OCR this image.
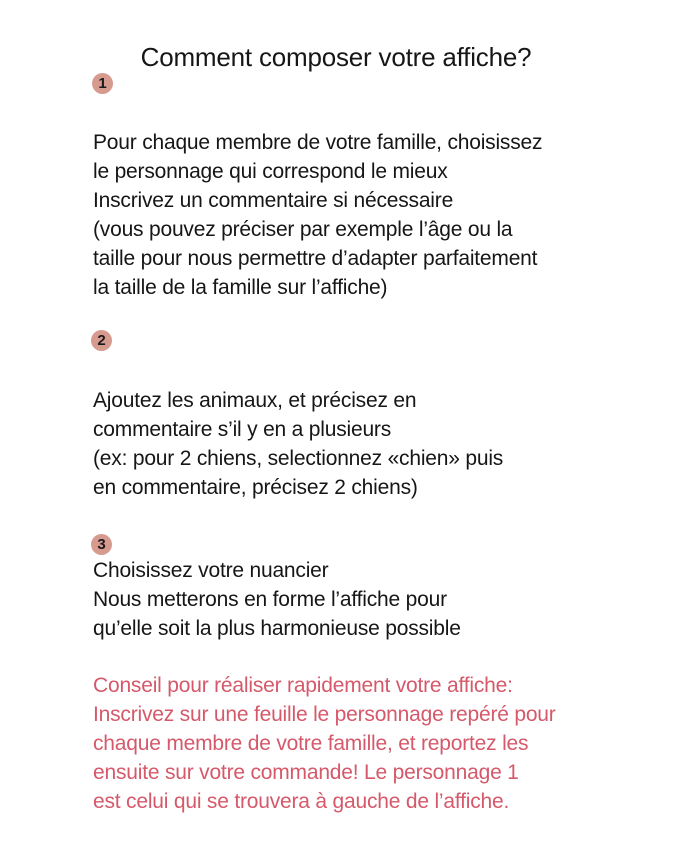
Comment composer votre affiche?
1
Pour chaque membre de votre famille, choisissez
le personnage qui correspond le mieux
Inscrivez un commentaire si nécessaire
(vous pouvez préciser par exemple l’âge ou la
taille pour nous permettre d’adapter parfaitement
la taille de la famille sur l’affiche)
2
Ajoutez les animaux, et précisez en
commentaire s’il y en a plusieurs
(ex: pour 2 chiens, selectionnez «chien» puis
en commentaire, précisez 2 chiens)
3
Choisissez votre nuancier
Nous metterons en forme l’affiche pour
qu’elle soit la plus harmonieuse possible
Conseil pour réaliser rapidement votre affiche:
Inscrivez sur une feuille le personnage repéré pour
chaque membre de votre famille, et reportez les
ensuite sur votre commande! Le personnage 1
est celui qui se trouvera à gauche de l’affiche.
